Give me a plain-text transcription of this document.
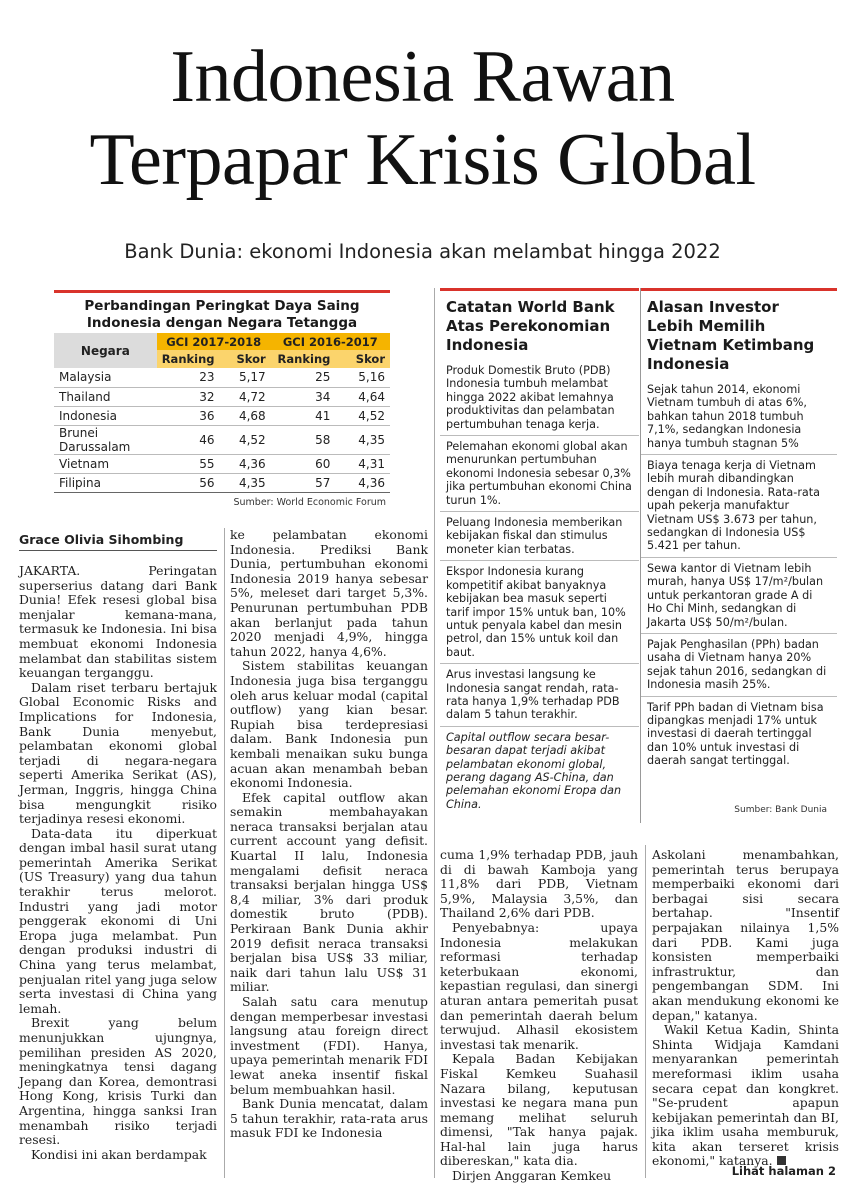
Indonesia Rawan
Terpapar Krisis Global
Bank Dunia: ekonomi Indonesia akan melambat hingga 2022
Perbandingan Peringkat Daya Saing
Indonesia dengan Negara Tetangga
Negara	GCI 2017-2018		GCI 2016-2017	
	Ranking	Skor	Ranking	Skor
Malaysia	23	5,17	25	5,16
Thailand	32	4,72	34	4,64
Indonesia	36	4,68	41	4,52
Brunei Darussalam	46	4,52	58	4,35
Vietnam	55	4,36	60	4,31
Filipina	56	4,35	57	4,36
Sumber: World Economic Forum
Catatan World Bank
Atas Perekonomian
Indonesia
Produk Domestik Bruto (PDB) Indonesia tumbuh melambat hingga 2022 akibat lemahnya produktivitas dan pelambatan pertumbuhan tenaga kerja.
Pelemahan ekonomi global akan menurunkan pertumbuhan ekonomi Indonesia sebesar 0,3% jika pertumbuhan ekonomi China turun 1%.
Peluang Indonesia memberikan kebijakan fiskal dan stimulus moneter kian terbatas.
Ekspor Indonesia kurang kompetitif akibat banyaknya kebijakan bea masuk seperti tarif impor 15% untuk ban, 10% untuk penyala kabel dan mesin petrol, dan 15% untuk koil dan baut.
Arus investasi langsung ke Indonesia sangat rendah, rata-rata hanya 1,9% terhadap PDB dalam 5 tahun terakhir.
Capital outflow secara besar-besaran dapat terjadi akibat pelambatan ekonomi global, perang dagang AS-China, dan pelemahan ekonomi Eropa dan China.
Alasan Investor
Lebih Memilih
Vietnam Ketimbang
Indonesia
Sejak tahun 2014, ekonomi Vietnam tumbuh di atas 6%, bahkan tahun 2018 tumbuh 7,1%, sedangkan Indonesia hanya tumbuh stagnan 5%
Biaya tenaga kerja di Vietnam lebih murah dibandingkan dengan di Indonesia. Rata-rata upah pekerja manufaktur Vietnam US$ 3.673 per tahun, sedangkan di Indonesia US$ 5.421 per tahun.
Sewa kantor di Vietnam lebih murah, hanya US$ 17/m²/bulan untuk perkantoran grade A di Ho Chi Minh, sedangkan di Jakarta US$ 50/m²/bulan.
Pajak Penghasilan (PPh) badan usaha di Vietnam hanya 20% sejak tahun 2016, sedangkan di Indonesia masih 25%.
Tarif PPh badan di Vietnam bisa dipangkas menjadi 17% untuk investasi di daerah tertinggal dan 10% untuk investasi di daerah sangat tertinggal.
Sumber: Bank Dunia
Grace Olivia Sihombing

JAKARTA. Peringatan superserius datang dari Bank Dunia! Efek resesi global bisa menjalar kemana-mana, termasuk ke Indonesia. Ini bisa membuat ekonomi Indonesia melambat dan stabilitas sistem keuangan terganggu.

Dalam riset terbaru bertajuk Global Economic Risks and Implications for Indonesia, Bank Dunia menyebut, pelambatan ekonomi global terjadi di negara-negara seperti Amerika Serikat (AS), Jerman, Inggris, hingga China bisa mengungkit risiko terjadinya resesi ekonomi.

Data-data itu diperkuat dengan imbal hasil surat utang pemerintah Amerika Serikat (US Treasury) yang dua tahun terakhir terus melorot. Industri yang jadi motor penggerak ekonomi di Uni Eropa juga melambat. Pun dengan produksi industri di China yang terus melambat, penjualan ritel yang juga selow serta investasi di China yang lemah.

Brexit yang belum menunjukkan ujungnya, pemilihan presiden AS 2020, meningkatnya tensi dagang Jepang dan Korea, demontrasi Hong Kong, krisis Turki dan Argentina, hingga sanksi Iran menambah risiko terjadi resesi.

Kondisi ini akan berdampak

ke pelambatan ekonomi Indonesia. Prediksi Bank Dunia, pertumbuhan ekonomi Indonesia 2019 hanya sebesar 5%, meleset dari target 5,3%. Penurunan pertumbuhan PDB akan berlanjut pada tahun 2020 menjadi 4,9%, hingga tahun 2022, hanya 4,6%.

Sistem stabilitas keuangan Indonesia juga bisa terganggu oleh arus keluar modal (capital outflow) yang kian besar. Rupiah bisa terdepresiasi dalam. Bank Indonesia pun kembali menaikan suku bunga acuan akan menambah beban ekonomi Indonesia.

Efek capital outflow akan semakin membahayakan neraca transaksi berjalan atau current account yang defisit. Kuartal II lalu, Indonesia mengalami defisit neraca transaksi berjalan hingga US$ 8,4 miliar, 3% dari produk domestik bruto (PDB). Perkiraan Bank Dunia akhir 2019 defisit neraca transaksi berjalan bisa US$ 33 miliar, naik dari tahun lalu US$ 31 miliar.

Salah satu cara menutup dengan memperbesar investasi langsung atau foreign direct investment (FDI). Hanya, upaya pemerintah menarik FDI lewat aneka insentif fiskal belum membuahkan hasil.

Bank Dunia mencatat, dalam 5 tahun terakhir, rata-rata arus masuk FDI ke Indonesia

cuma 1,9% terhadap PDB, jauh di di bawah Kamboja yang 11,8% dari PDB, Vietnam 5,9%, Malaysia 3,5%, dan Thailand 2,6% dari PDB.

Penyebabnya: upaya Indonesia melakukan reformasi terhadap keterbukaan ekonomi, kepastian regulasi, dan sinergi aturan antara pemeritah pusat dan pemerintah daerah belum terwujud. Alhasil ekosistem investasi tak menarik.

Kepala Badan Kebijakan Fiskal Kemkeu Suahasil Nazara bilang, keputusan investasi ke negara mana pun memang melihat seluruh dimensi, "Tak hanya pajak. Hal-hal lain juga harus dibereskan," kata dia.

Dirjen Anggaran Kemkeu

Askolani menambahkan, pemerintah terus berupaya memperbaiki ekonomi dari berbagai sisi secara bertahap. "Insentif perpajakan nilainya 1,5% dari PDB. Kami juga konsisten memperbaiki infrastruktur, dan pengembangan SDM. Ini akan mendukung ekonomi ke depan," katanya.

Wakil Ketua Kadin, Shinta Shinta Widjaja Kamdani menyarankan pemerintah mereformasi iklim usaha secara cepat dan kongkret. "Se-prudent apapun kebijakan pemerintah dan BI, jika iklim usaha memburuk, kita akan terseret krisis ekonomi," katanya.

Lihat halaman 2
